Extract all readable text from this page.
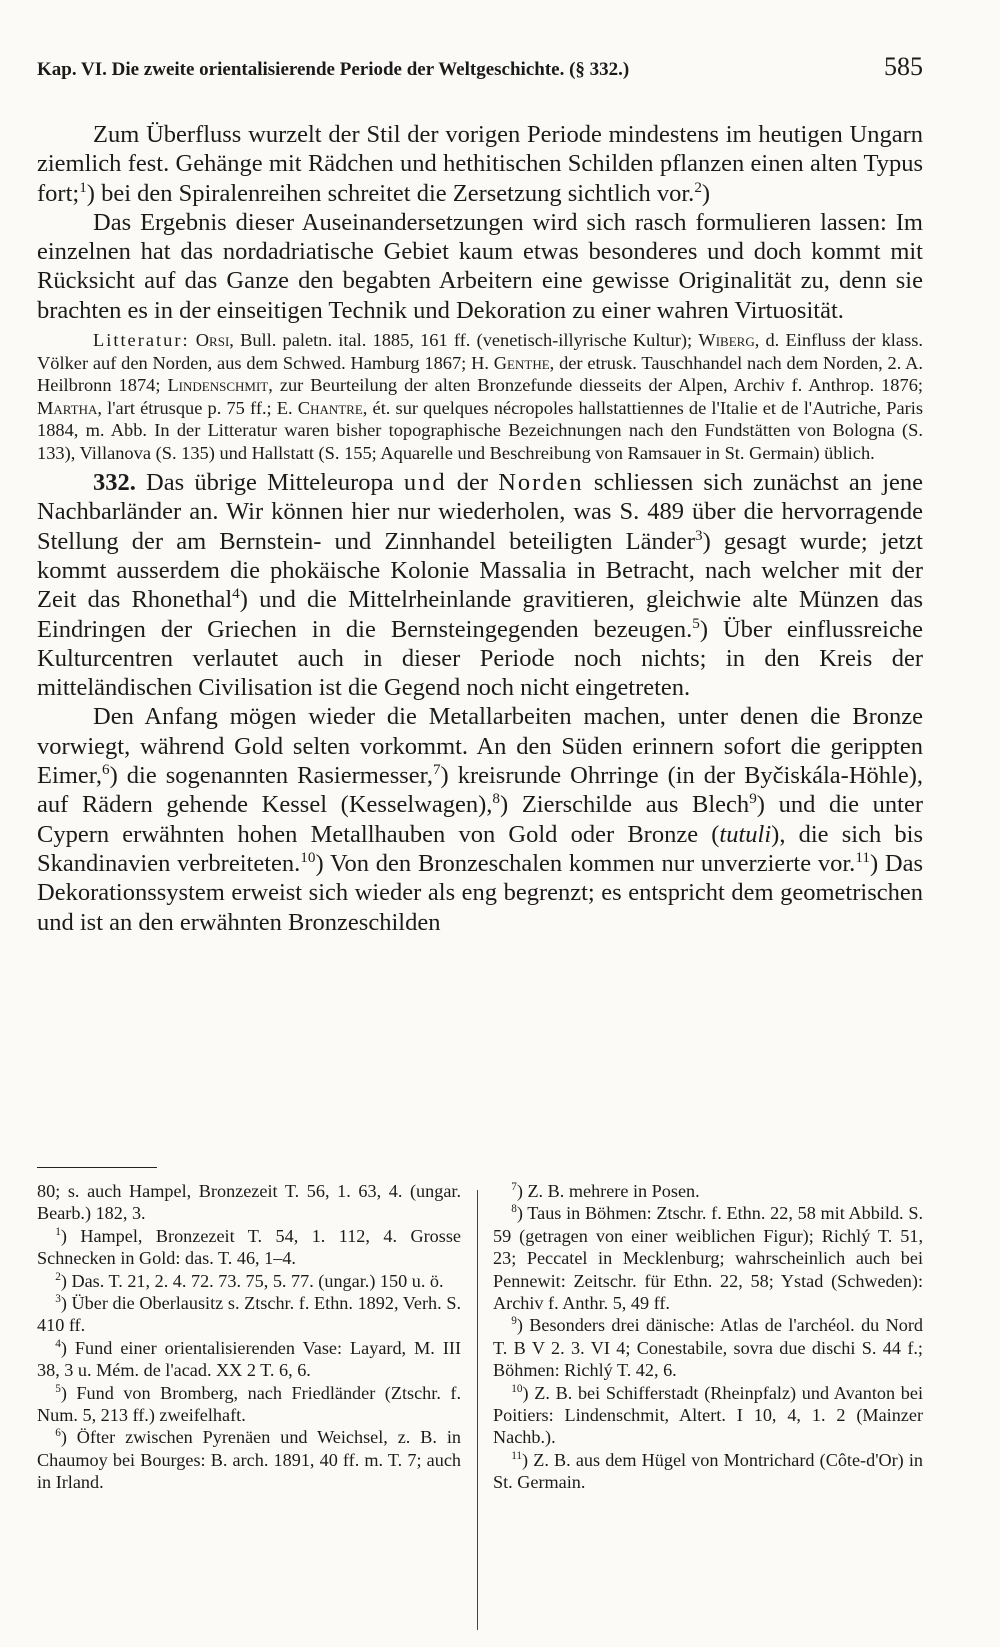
Kap. VI. Die zweite orientalisierende Periode der Weltgeschichte. (§ 332.)	585

Zum Überfluss wurzelt der Stil der vorigen Periode mindestens im heutigen Ungarn ziemlich fest. Gehänge mit Rädchen und hethitischen Schilden pflanzen einen alten Typus fort;$^1$) bei den Spiralenreihen schreitet die Zersetzung sichtlich vor.$^2$)

Das Ergebnis dieser Auseinandersetzungen wird sich rasch formulieren lassen: Im einzelnen hat das nordadriatische Gebiet kaum etwas besonderes und doch kommt mit Rücksicht auf das Ganze den begabten Arbeitern eine gewisse Originalität zu, denn sie brachten es in der einseitigen Technik und Dekoration zu einer wahren Virtuosität.

Litteratur: Orsi, Bull. paletn. ital. 1885, 161 ff. (venetisch-illyrische Kultur); Wiberg, d. Einfluss der klass. Völker auf den Norden, aus dem Schwed. Hamburg 1867; H. Genthe, der etrusk. Tauschhandel nach dem Norden, 2. A. Heilbronn 1874; Lindenschmit, zur Beurteilung der alten Bronzefunde diesseits der Alpen, Archiv f. Anthrop. 1876; Martha, l'art étrusque p. 75 ff.; E. Chantre, ét. sur quelques nécropoles hallstattiennes de l'Italie et de l'Autriche, Paris 1884, m. Abb. In der Litteratur waren bisher topographische Bezeichnungen nach den Fundstätten von Bologna (S. 133), Villanova (S. 135) und Hallstatt (S. 155; Aquarelle und Beschreibung von Ramsauer in St. Germain) üblich.

332. Das übrige Mitteleuropa und der Norden schliessen sich zunächst an jene Nachbarländer an. Wir können hier nur wiederholen, was S. 489 über die hervorragende Stellung der am Bernstein- und Zinnhandel beteiligten Länder$^3$) gesagt wurde; jetzt kommt ausserdem die phokäische Kolonie Massalia in Betracht, nach welcher mit der Zeit das Rhonethal$^4$) und die Mittelrheinlande gravitieren, gleichwie alte Münzen das Eindringen der Griechen in die Bernsteingegenden bezeugen.$^5$) Über einflussreiche Kulturcentren verlautet auch in dieser Periode noch nichts; in den Kreis der mitteländischen Civilisation ist die Gegend noch nicht eingetreten.

Den Anfang mögen wieder die Metallarbeiten machen, unter denen die Bronze vorwiegt, während Gold selten vorkommt. An den Süden erinnern sofort die gerippten Eimer,$^6$) die sogenannten Rasiermesser,$^7$) kreisrunde Ohrringe (in der Byčiskála-Höhle), auf Rädern gehende Kessel (Kesselwagen),$^8$) Zierschilde aus Blech$^9$) und die unter Cypern erwähnten hohen Metallhauben von Gold oder Bronze (tutuli), die sich bis Skandinavien verbreiteten.$^{10}$) Von den Bronzeschalen kommen nur unverzierte vor.$^{11}$) Das Dekorationssystem erweist sich wieder als eng begrenzt; es entspricht dem geometrischen und ist an den erwähnten Bronzeschilden

80; s. auch Hampel, Bronzezeit T. 56, 1. 63, 4. (ungar. Bearb.) 182, 3.

 $^1$) Hampel, Bronzezeit T. 54, 1. 112, 4. Grosse Schnecken in Gold: das. T. 46, 1–4.

 $^2$) Das. T. 21, 2. 4. 72. 73. 75, 5. 77. (ungar.) 150 u. ö.

 $^3$) Über die Oberlausitz s. Ztschr. f. Ethn. 1892, Verh. S. 410 ff.

 $^4$) Fund einer orientalisierenden Vase: Layard, M. III 38, 3 u. Mém. de l'acad. XX 2 T. 6, 6.

 $^5$) Fund von Bromberg, nach Friedländer (Ztschr. f. Num. 5, 213 ff.) zweifelhaft.

 $^6$) Öfter zwischen Pyrenäen und Weichsel, z. B. in Chaumoy bei Bourges: B. arch. 1891, 40 ff. m. T. 7; auch in Irland.

 $^7$) Z. B. mehrere in Posen.

 $^8$) Taus in Böhmen: Ztschr. f. Ethn. 22, 58 mit Abbild. S. 59 (getragen von einer weiblichen Figur); Richlý T. 51, 23; Peccatel in Mecklenburg; wahrscheinlich auch bei Pennewit: Zeitschr. für Ethn. 22, 58; Ystad (Schweden): Archiv f. Anthr. 5, 49 ff.

 $^9$) Besonders drei dänische: Atlas de l'archéol. du Nord T. B V 2. 3. VI 4; Conestabile, sovra due dischi S. 44 f.; Böhmen: Richlý T. 42, 6.

 $^{10}$) Z. B. bei Schifferstadt (Rheinpfalz) und Avanton bei Poitiers: Lindenschmit, Altert. I 10, 4, 1. 2 (Mainzer Nachb.).

 $^{11}$) Z. B. aus dem Hügel von Montrichard (Côte-d'Or) in St. Germain.
